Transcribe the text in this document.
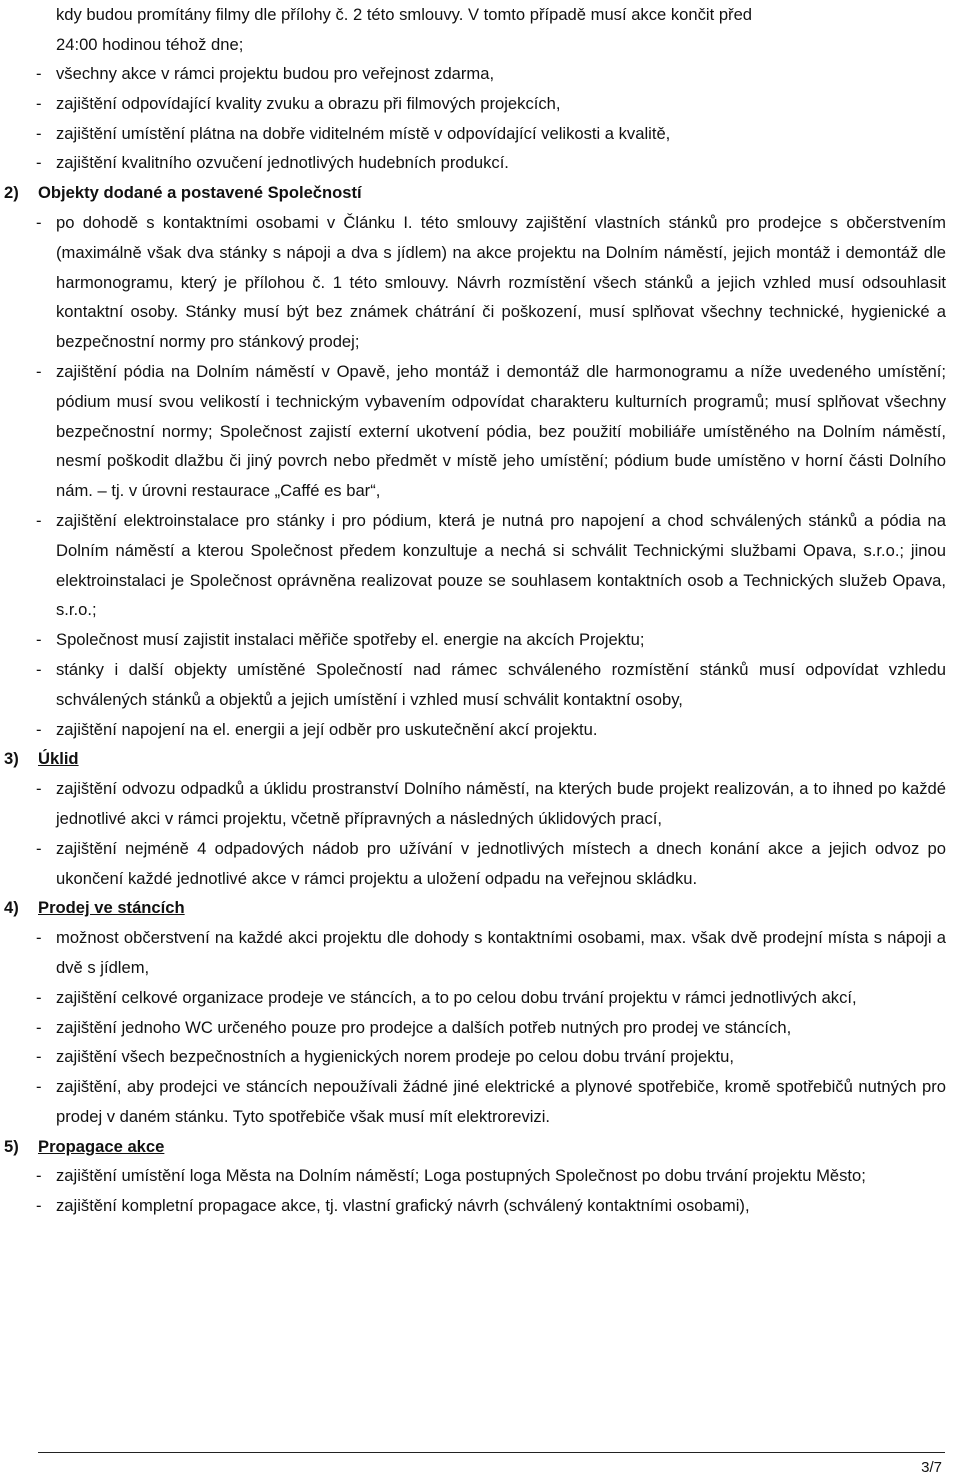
kdy budou promítány filmy dle přílohy č. 2 této smlouvy. V tomto případě musí akce končit před

24:00 hodinou téhož dne;

- všechny akce v rámci projektu budou pro veřejnost zdarma,

- zajištění odpovídající kvality zvuku a obrazu při filmových projekcích,

- zajištění umístění plátna na dobře viditelném místě v odpovídající velikosti a kvalitě,

- zajištění kvalitního ozvučení jednotlivých hudebních produkcí.

2) Objekty dodané a postavené Společností

- po dohodě s kontaktními osobami v Článku I. této smlouvy zajištění vlastních stánků pro prodejce s občerstvením (maximálně však dva stánky s nápoji a dva s jídlem) na akce projektu na Dolním náměstí, jejich montáž i demontáž dle harmonogramu, který je přílohou č. 1 této smlouvy. Návrh rozmístění všech stánků a jejich vzhled musí odsouhlasit kontaktní osoby. Stánky musí být bez známek chátrání či poškození, musí splňovat všechny technické, hygienické a bezpečnostní normy pro stánkový prodej;

- zajištění pódia na Dolním náměstí v Opavě, jeho montáž i demontáž dle harmonogramu a níže uvedeného umístění; pódium musí svou velikostí i technickým vybavením odpovídat charakteru kulturních programů; musí splňovat všechny bezpečnostní normy; Společnost zajistí externí ukotvení pódia, bez použití mobiliáře umístěného na Dolním náměstí, nesmí poškodit dlažbu či jiný povrch nebo předmět v místě jeho umístění; pódium bude umístěno v horní části Dolního nám. – tj. v úrovni restaurace „Caffé es bar“,

- zajištění elektroinstalace pro stánky i pro pódium, která je nutná pro napojení a chod schválených stánků a pódia na Dolním náměstí a kterou Společnost předem konzultuje a nechá si schválit Technickými službami Opava, s.r.o.; jinou elektroinstalaci je Společnost oprávněna realizovat pouze se souhlasem kontaktních osob a Technických služeb Opava, s.r.o.;

- Společnost musí zajistit instalaci měřiče spotřeby el. energie na akcích Projektu;

- stánky i další objekty umístěné Společností nad rámec schváleného rozmístění stánků musí odpovídat vzhledu schválených stánků a objektů a jejich umístění i vzhled musí schválit kontaktní osoby,

- zajištění napojení na el. energii a její odběr pro uskutečnění akcí projektu.

3) Úklid

- zajištění odvozu odpadků a úklidu prostranství Dolního náměstí, na kterých bude projekt realizován, a to ihned po každé jednotlivé akci v rámci projektu, včetně přípravných a následných úklidových prací,

- zajištění nejméně 4 odpadových nádob pro užívání v jednotlivých místech a dnech konání akce a jejich odvoz po ukončení každé jednotlivé akce v rámci projektu a uložení odpadu na veřejnou skládku.

4) Prodej ve stáncích

- možnost občerstvení na každé akci projektu dle dohody s kontaktními osobami, max. však dvě prodejní místa s nápoji a dvě s jídlem,

- zajištění celkové organizace prodeje ve stáncích, a to po celou dobu trvání projektu v rámci jednotlivých akcí,

- zajištění jednoho WC určeného pouze pro prodejce a dalších potřeb nutných pro prodej ve stáncích,

- zajištění všech bezpečnostních a hygienických norem prodeje po celou dobu trvání projektu,

- zajištění, aby prodejci ve stáncích nepoužívali žádné jiné elektrické a plynové spotřebiče, kromě spotřebičů nutných pro prodej v daném stánku. Tyto spotřebiče však musí mít elektrorevizi.

5) Propagace akce

- zajištění umístění loga Města na Dolním náměstí; Loga postupných Společnost po dobu trvání projektu Město;

- zajištění kompletní propagace akce, tj. vlastní grafický návrh (schválený kontaktními osobami),

3/7
